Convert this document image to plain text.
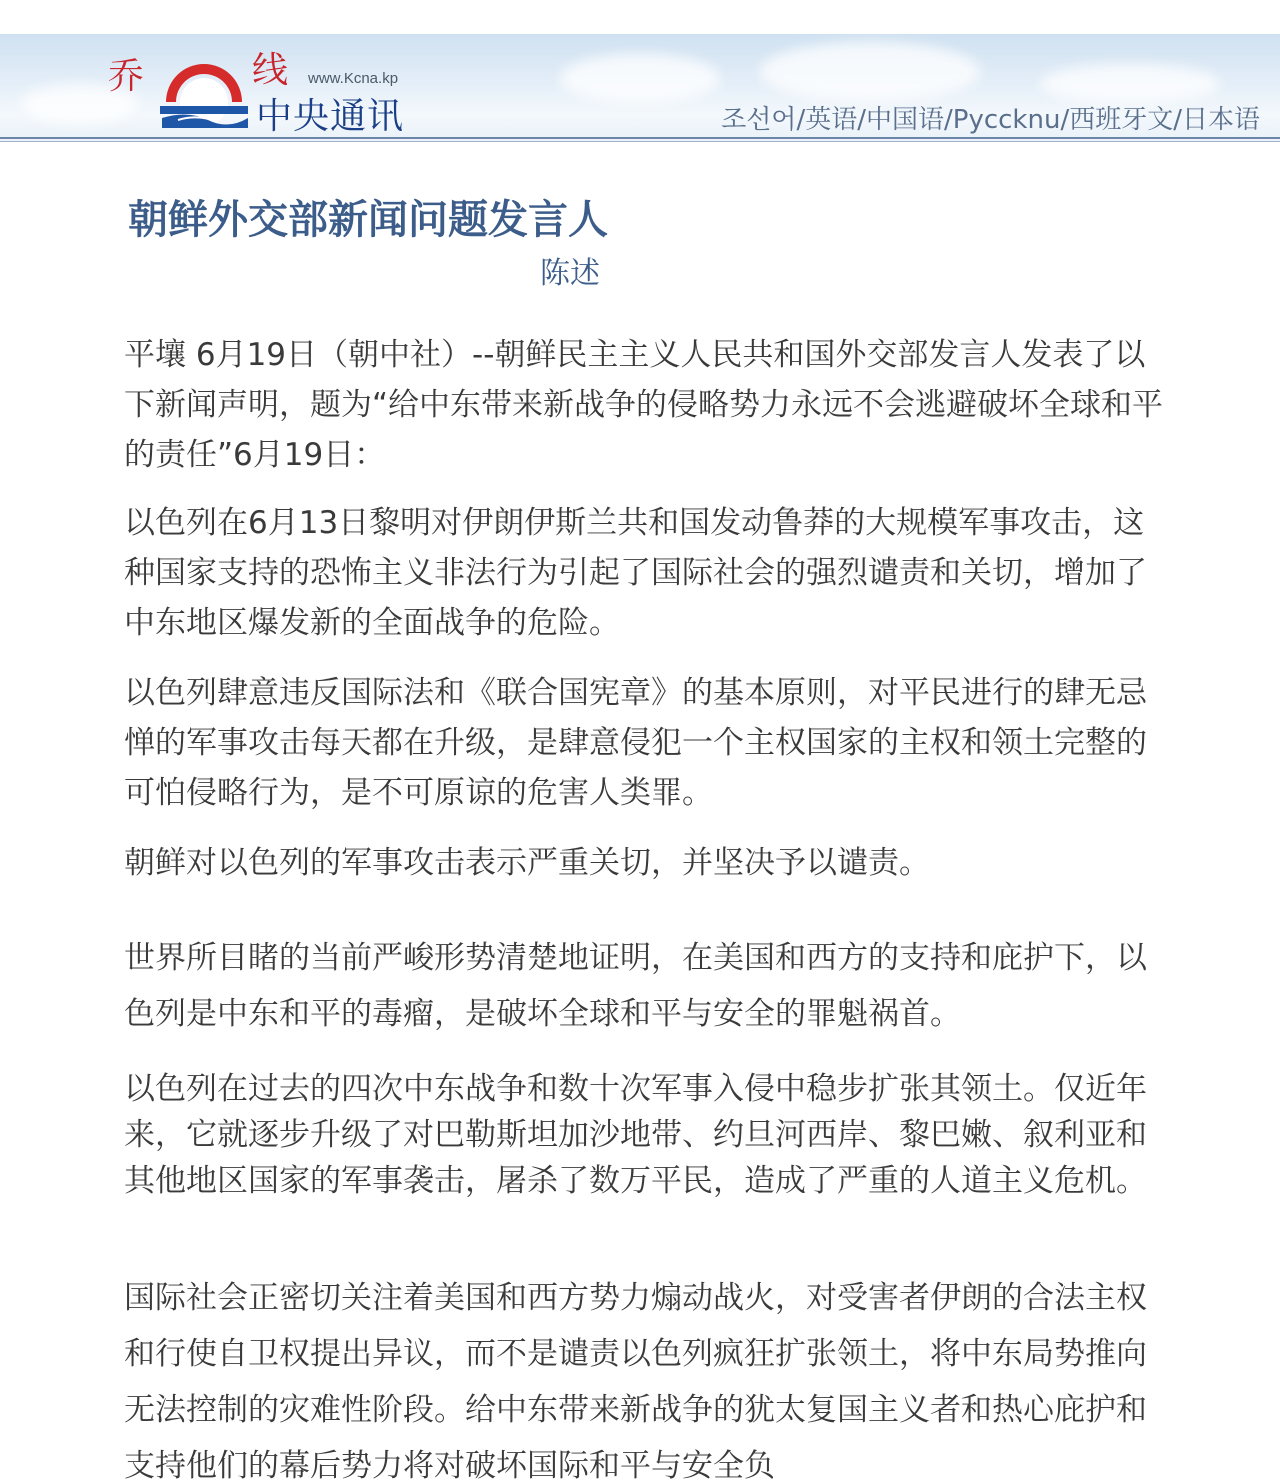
乔	线 www.Kcna.kp
中央通讯	조선어/英语/中国语/Pyccknu/西班牙文/日本语
朝鲜外交部新闻问题发言人
陈述

平壤 6月19日（朝中社）--朝鲜民主主义人民共和国外交部发言人发表了以下新闻声明，题为“给中东带来新战争的侵略势力永远不会逃避破坏全球和平的责任”6月19日：

以色列在6月13日黎明对伊朗伊斯兰共和国发动鲁莽的大规模军事攻击，这种国家支持的恐怖主义非法行为引起了国际社会的强烈谴责和关切，增加了中东地区爆发新的全面战争的危险。

以色列肆意违反国际法和《联合国宪章》的基本原则，对平民进行的肆无忌惮的军事攻击每天都在升级，是肆意侵犯一个主权国家的主权和领土完整的可怕侵略行为，是不可原谅的危害人类罪。

朝鲜对以色列的军事攻击表示严重关切，并坚决予以谴责。

世界所目睹的当前严峻形势清楚地证明，在美国和西方的支持和庇护下，以色列是中东和平的毒瘤，是破坏全球和平与安全的罪魁祸首。

以色列在过去的四次中东战争和数十次军事入侵中稳步扩张其领土。仅近年来，它就逐步升级了对巴勒斯坦加沙地带、约旦河西岸、黎巴嫩、叙利亚和其他地区国家的军事袭击，屠杀了数万平民，造成了严重的人道主义危机。

国际社会正密切关注着美国和西方势力煽动战火，对受害者伊朗的合法主权和行使自卫权提出异议，而不是谴责以色列疯狂扩张领土，将中东局势推向无法控制的灾难性阶段。给中东带来新战争的犹太复国主义者和热心庇护和支持他们的幕后势力将对破坏国际和平与安全负
